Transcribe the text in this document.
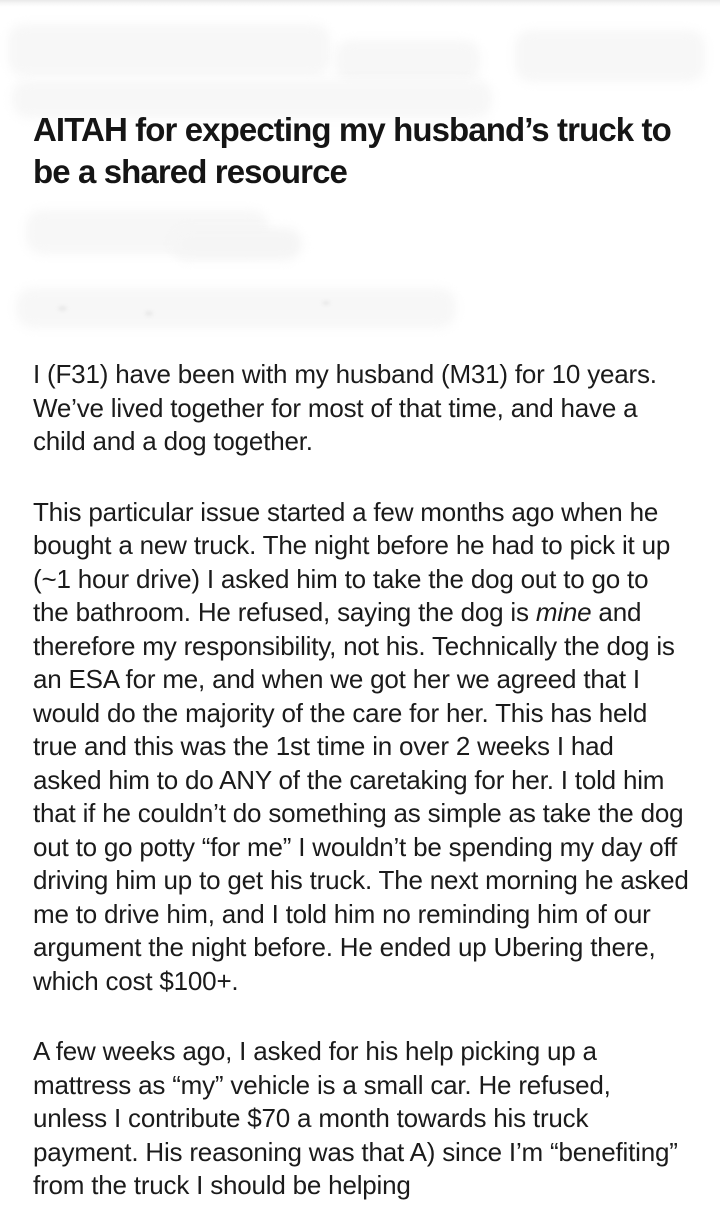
AITAH for expecting my husband’s truck to be a shared resource

I (F31) have been with my husband (M31) for 10 years. We’ve lived together for most of that time, and have a child and a dog together.

This particular issue started a few months ago when he bought a new truck. The night before he had to pick it up (~1 hour drive) I asked him to take the dog out to go to the bathroom. He refused, saying the dog is mine and therefore my responsibility, not his. Technically the dog is an ESA for me, and when we got her we agreed that I would do the majority of the care for her. This has held true and this was the 1st time in over 2 weeks I had asked him to do ANY of the caretaking for her. I told him that if he couldn’t do something as simple as take the dog out to go potty “for me” I wouldn’t be spending my day off driving him up to get his truck. The next morning he asked me to drive him, and I told him no reminding him of our argument the night before. He ended up Ubering there, which cost $100+.

A few weeks ago, I asked for his help picking up a mattress as “my” vehicle is a small car. He refused, unless I contribute $70 a month towards his truck payment. His reasoning was that A) since I’m “benefiting” from the truck I should be helping
